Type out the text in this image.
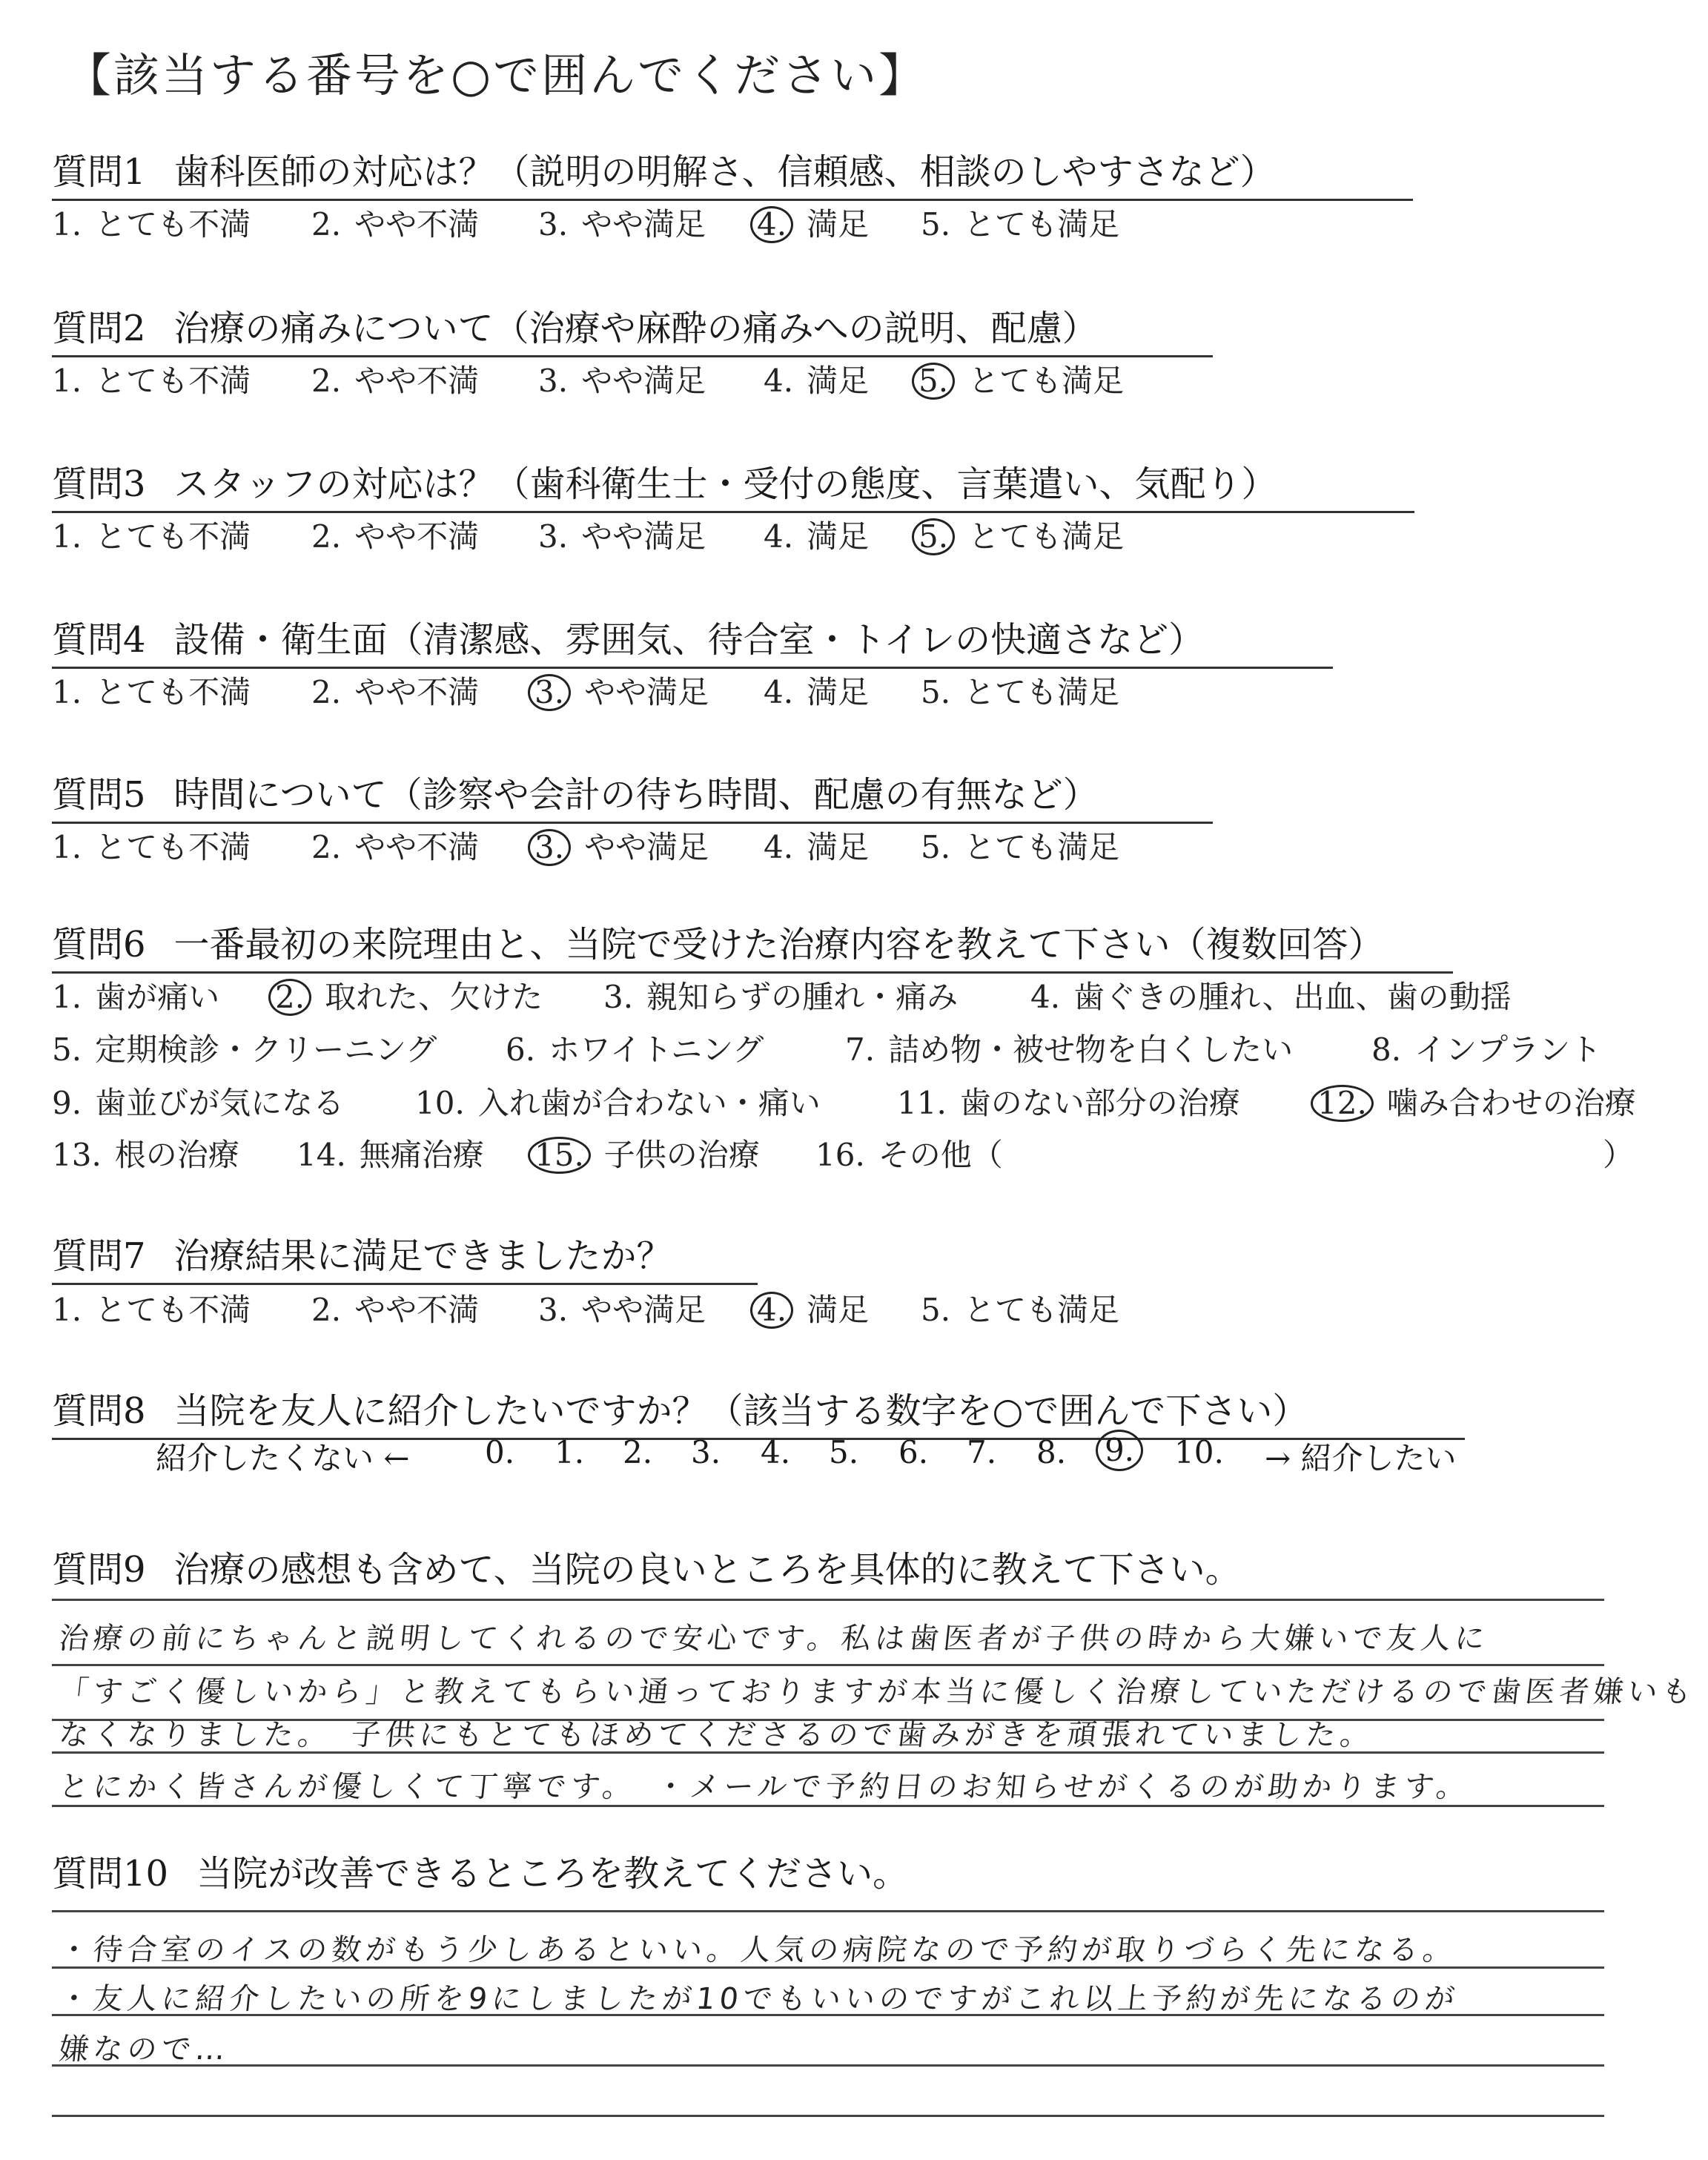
【該当する番号を○で囲んでください】
質問1 歯科医師の対応は？（説明の明解さ、信頼感、相談のしやすさなど）
1. とても不満 2. やや不満 3. やや満足 4. 満足 5. とても満足
質問2 治療の痛みについて（治療や麻酔の痛みへの説明、配慮）
1. とても不満 2. やや不満 3. やや満足 4. 満足 5. とても満足
質問3 スタッフの対応は？（歯科衛生士・受付の態度、言葉遣い、気配り）
1. とても不満 2. やや不満 3. やや満足 4. 満足 5. とても満足
質問4 設備・衛生面（清潔感、雰囲気、待合室・トイレの快適さなど）
1. とても不満 2. やや不満 3. やや満足 4. 満足 5. とても満足
質問5 時間について（診察や会計の待ち時間、配慮の有無など）
1. とても不満 2. やや不満 3. やや満足 4. 満足 5. とても満足
質問6 一番最初の来院理由と、当院で受けた治療内容を教えて下さい（複数回答）
1. 歯が痛い 2. 取れた、欠けた 3. 親知らずの腫れ・痛み 4. 歯ぐきの腫れ、出血、歯の動揺
5. 定期検診・クリーニング 6. ホワイトニング	7. 詰め物・被せ物を白くしたい	8. インプラント
9. 歯並びが気になる 10. 入れ歯が合わない・痛い 11. 歯のない部分の治療 12. 噛み合わせの治療
13. 根の治療 14. 無痛治療 15. 子供の治療 16. その他（	）
質問7 治療結果に満足できましたか？
1. とても不満 2. やや不満 3. やや満足 4. 満足 5. とても満足
質問8 当院を友人に紹介したいですか？（該当する数字を○で囲んで下さい）
紹介したくない ← 0. 1. 2. 3. 4. 5. 6. 7. 8. 9. 10. → 紹介したい
質問9 治療の感想も含めて、当院の良いところを具体的に教えて下さい。
治療の前にちゃんと説明してくれるので安心です。私は歯医者が子供の時から大嫌いで友人に
「すごく優しいから」と教えてもらい通っておりますが本当に優しく治療していただけるので歯医者嫌いも
なくなりました。　子供にもとてもほめてくださるので歯みがきを頑張れていました。
とにかく皆さんが優しくて丁寧です。　・メールで予約日のお知らせがくるのが助かります。
質問10 当院が改善できるところを教えてください。
・待合室のイスの数がもう少しあるといい。人気の病院なので予約が取りづらく先になる。
・友人に紹介したいの所を9にしましたが10でもいいのですがこれ以上予約が先になるのが
嫌なので…
